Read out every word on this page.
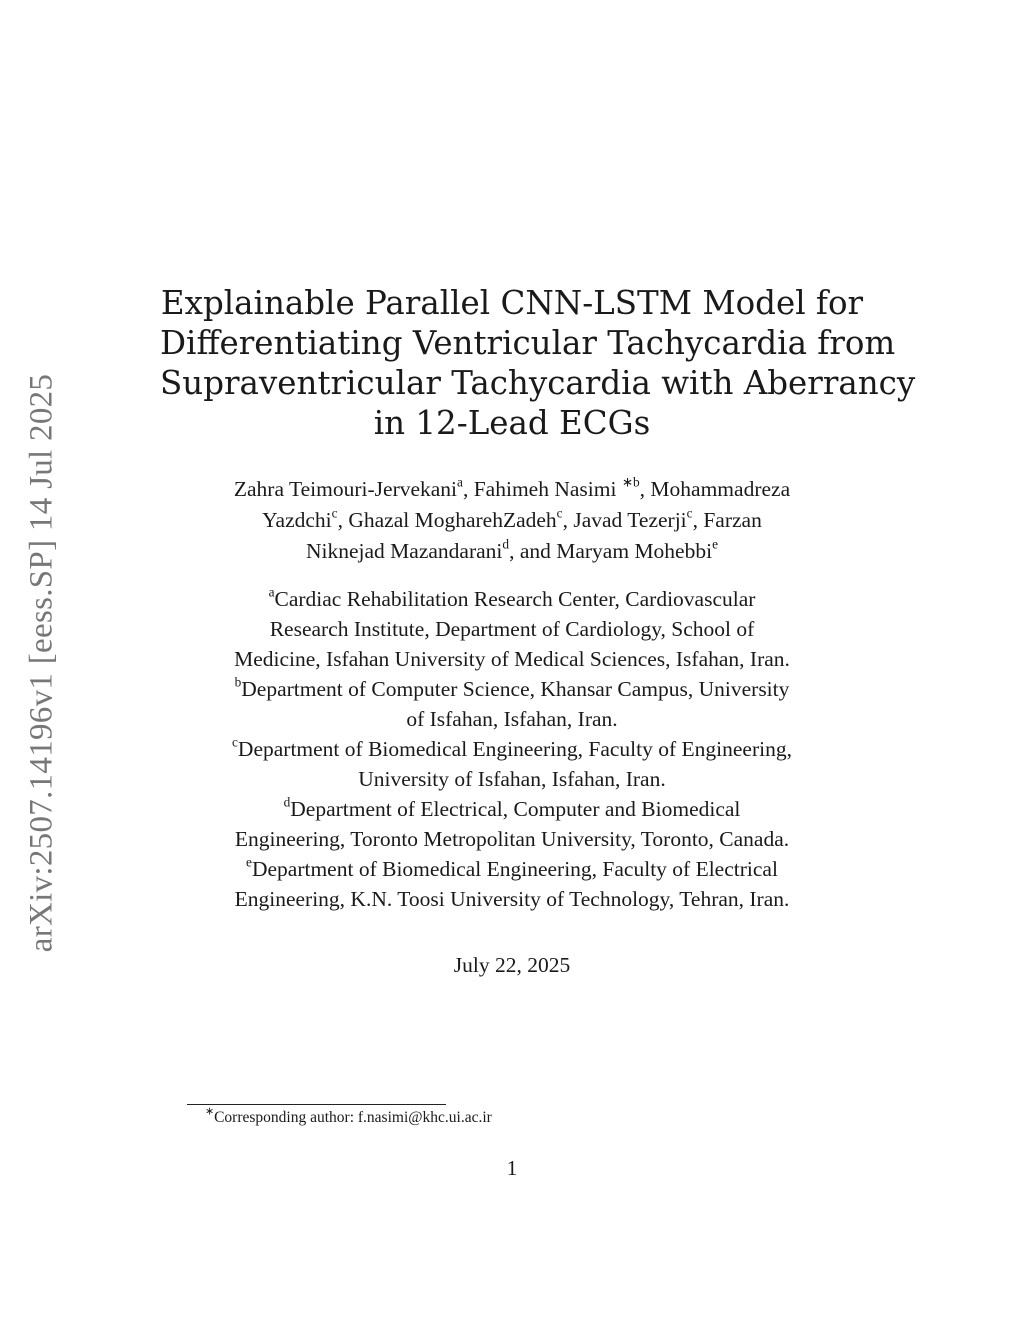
arXiv:2507.14196v1 [eess.SP] 14 Jul 2025
Explainable Parallel CNN-LSTM Model for
Differentiating Ventricular Tachycardia from
Supraventricular Tachycardia with Aberrancy
in 12-Lead ECGs
Zahra Teimouri-Jervekani$^a$, Fahimeh Nasimi $^{∗b}$, Mohammadreza
Yazdchi$^c$, Ghazal MogharehZadeh$^c$, Javad Tezerji$^c$, Farzan
Niknejad Mazandarani$^d$, and Maryam Mohebbi$^e$
$^a$Cardiac Rehabilitation Research Center, Cardiovascular
Research Institute, Department of Cardiology, School of
Medicine, Isfahan University of Medical Sciences, Isfahan, Iran.
$^b$Department of Computer Science, Khansar Campus, University
of Isfahan, Isfahan, Iran.
$^c$Department of Biomedical Engineering, Faculty of Engineering,
University of Isfahan, Isfahan, Iran.
$^d$Department of Electrical, Computer and Biomedical
Engineering, Toronto Metropolitan University, Toronto, Canada.
$^e$Department of Biomedical Engineering, Faculty of Electrical
Engineering, K.N. Toosi University of Technology, Tehran, Iran.
July 22, 2025
∗Corresponding author: f.nasimi@khc.ui.ac.ir
1
